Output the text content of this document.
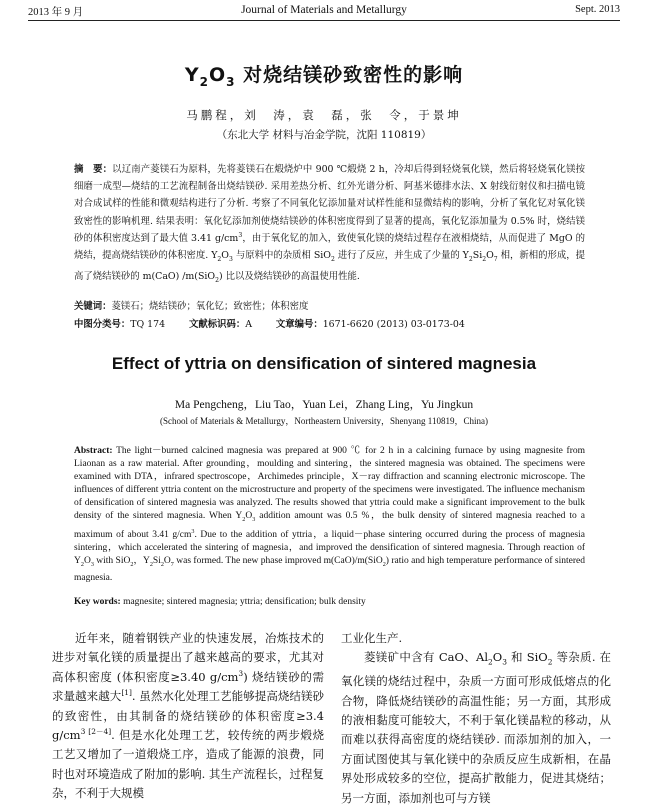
2013 年 9 月	Journal of Materials and Metallurgy	Sept. 2013
$Y_2O_3$ 对烧结镁砂致密性的影响
马鹏程，刘　涛，袁　磊，张　令，于景坤
（东北大学 材料与冶金学院，沈阳 110819）

摘　要：以辽南产菱镁石为原料，先将菱镁石在煅烧炉中 900 ℃煅烧 2 h，冷却后得到轻烧氧化镁，然后将轻烧氧化镁按细磨一成型—烧结的工艺流程制备出烧结镁砂. 采用差热分析、红外光谱分析、阿基米德排水法、X 射线衍射仪和扫描电镜对合成试样的性能和微观结构进行了分析. 考察了不同氧化钇添加量对试样性能和显微结构的影响，分析了氧化钇对氧化镁致密性的影响机理. 结果表明：氧化钇添加剂使烧结镁砂的体积密度得到了显著的提高，氧化钇添加量为 0.5% 时，烧结镁砂的体积密度达到了最大值 3.41 $g/cm^3$，由于氧化钇的加入，致使氧化镁的烧结过程存在液相烧结，从而促进了 MgO 的烧结，提高烧结镁砂的体积密度. $Y_2O_3$ 与原料中的杂质相 SiO$_2$ 进行了反应，并生成了少量的 $Y_2Si_2O_7$ 相，新相的形成，提高了烧结镁砂的 m(CaO) /m(SiO$_2$) 比以及烧结镁砂的高温使用性能.

关键词：菱镁石；烧结镁砂；氧化钇；致密性；体积密度
中图分类号：TQ 174	文献标识码：A	文章编号：1671-6620 (2013) 03-0173-04
Effect of yttria on densification of sintered magnesia
Ma Pengcheng，Liu Tao，Yuan Lei，Zhang Ling，Yu Jingkun
(School of Materials & Metallurgy，Northeastern University，Shenyang 110819，China)

Abstract: The light－burned calcined magnesia was prepared at 900 ℃ for 2 h in a calcining furnace by using magnesite from Liaonan as a raw material. After grounding，moulding and sintering，the sintered magnesia was obtained. The specimens were examined with DTA，infrared spectroscope，Archimedes principle，X－ray diffraction and scanning electronic microscope. The influences of different yttria content on the microstructure and property of the specimens were investigated. The influence mechanism of densification of sintered magnesia was analyzed. The results showed that yttria could make a significant improvement to the bulk density of the sintered magnesia. When $Y_2O_3$ addition amount was 0.5 %，the bulk density of sintered magnesia reached to a maximum of about 3.41 $g/cm^3$. Due to the addition of yttria，a liquid－phase sintering occurred during the process of magnesia sintering，which accelerated the sintering of magnesia，and improved the densification of sintered magnesia. Through reaction of $Y_2O_3$ with SiO$_2$，$Y_2Si_2O_7$ was formed. The new phase improved m(CaO)/m(SiO$_2$) ratio and high temperature performance of sintered magnesia.

Key words: magnesite; sintered magnesia; yttria; densification; bulk density

近年来，随着钢铁产业的快速发展，冶炼技术的进步对氧化镁的质量提出了越来越高的要求，尤其对高体积密度 (体积密度≥3.40 $g/cm^3$) 烧结镁砂的需求量越来越大[1]. 虽然水化处理工艺能够提高烧结镁砂的致密性，由其制备的烧结镁砂的体积密度≥3.4 $g/cm^{3 [2-4]}$. 但是水化处理工艺，较传统的两步煅烧工艺又增加了一道煅烧工序，造成了能源的浪费，同时也对环境造成了附加的影响. 其生产流程长，过程复杂，不利于大规模

工业化生产.

菱镁矿中含有 CaO、$Al_2O_3$ 和 SiO$_2$ 等杂质. 在氧化镁的烧结过程中，杂质一方面可形成低熔点的化合物，降低烧结镁砂的高温性能；另一方面，其形成的液相黏度可能较大，不利于氧化镁晶粒的移动，从而难以获得高密度的烧结镁砂. 而添加剂的加入，一方面试图使其与氧化镁中的杂质反应生成新相，在晶界处形成较多的空位，提高扩散能力，促进其烧结；另一方面，添加剂也可与方镁
